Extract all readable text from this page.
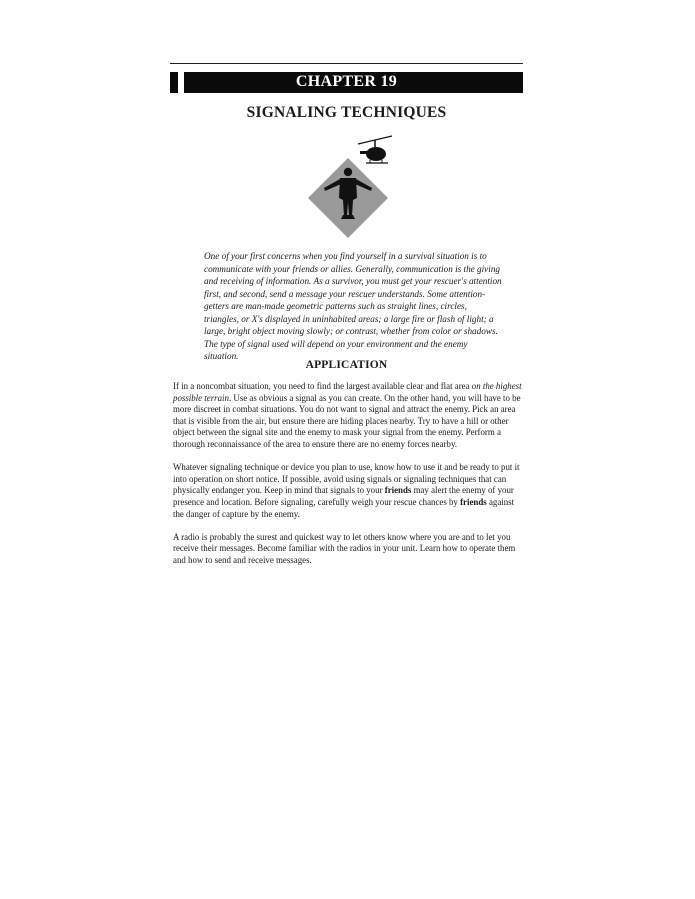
CHAPTER 19
SIGNALING TECHNIQUES

One of your first concerns when you find yourself in a survival situation is to communicate with your friends or allies. Generally, communication is the giving and receiving of information. As a survivor, you must get your rescuer's attention first, and second, send a message your rescuer understands. Some attention-getters are man-made geometric patterns such as straight lines, circles, triangles, or X's displayed in uninhabited areas; a large fire or flash of light; a large, bright object moving slowly; or contrast, whether from color or shadows. The type of signal used will depend on your environment and the enemy situation.

APPLICATION

If in a noncombat situation, you need to find the largest available clear and flat area on the highest possible terrain. Use as obvious a signal as you can create. On the other hand, you will have to be more discreet in combat situations. You do not want to signal and attract the enemy. Pick an area that is visible from the air, but ensure there are hiding places nearby. Try to have a hill or other object between the signal site and the enemy to mask your signal from the enemy. Perform a thorough reconnaissance of the area to ensure there are no enemy forces nearby.

Whatever signaling technique or device you plan to use, know how to use it and be ready to put it into operation on short notice. If possible, avoid using signals or signaling techniques that can physically endanger you. Keep in mind that signals to your friends may alert the enemy of your presence and location. Before signaling, carefully weigh your rescue chances by friends against the danger of capture by the enemy.

A radio is probably the surest and quickest way to let others know where you are and to let you receive their messages. Become familiar with the radios in your unit. Learn how to operate them and how to send and receive messages.
